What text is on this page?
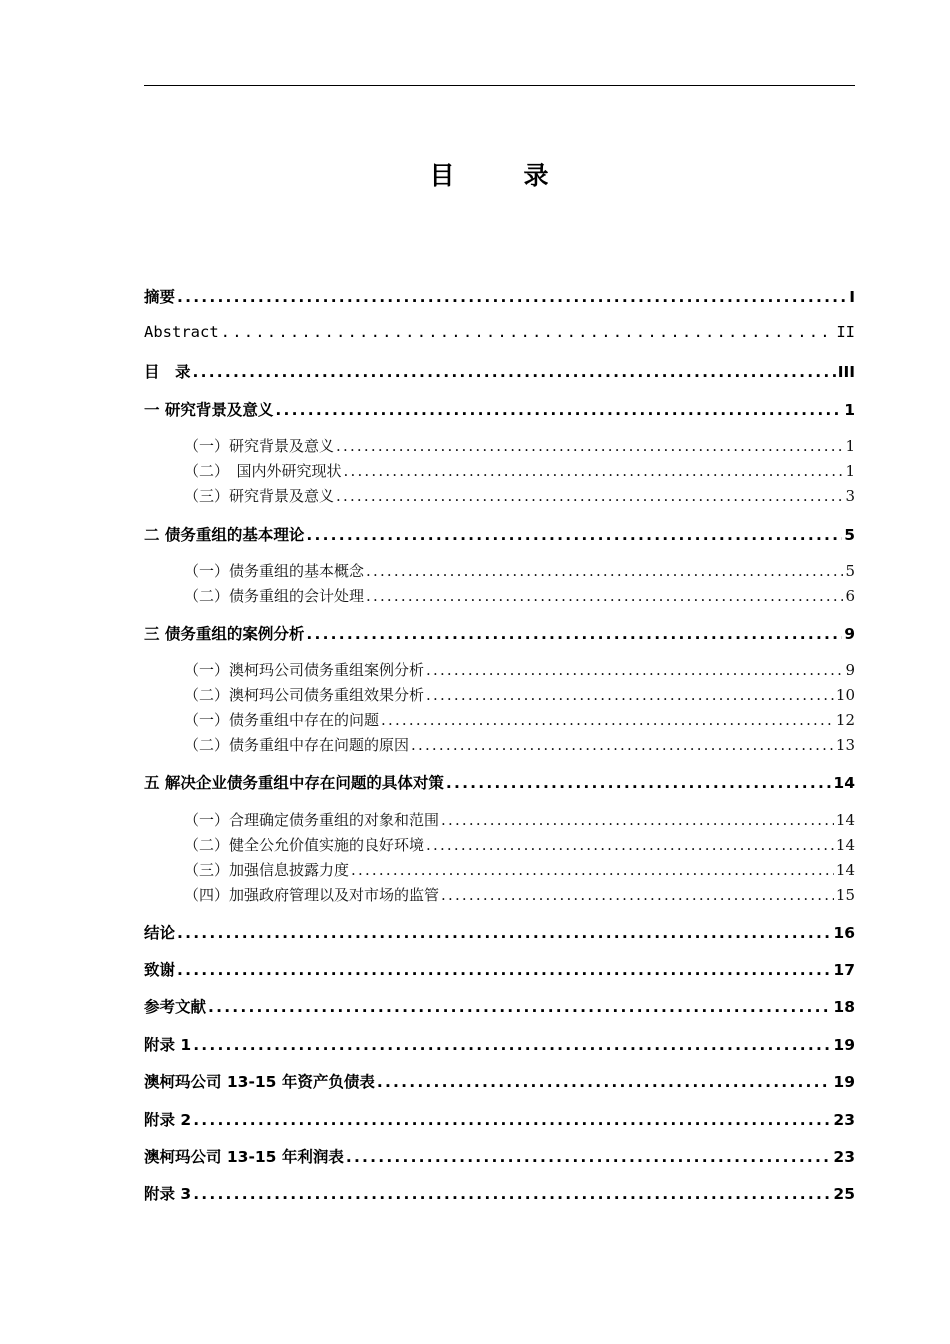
目　录
摘要 .....	I
Abstract .....	II
目　录 .....	III
一 研究背景及意义 .....	1
（一）研究背景及意义 .....	1
（二）　国内外研究现状 .....	1
（三）研究背景及意义 .....	3
二 债务重组的基本理论 .....	5
（一）债务重组的基本概念 .....	5
（二）债务重组的会计处理 .....	6
三 债务重组的案例分析 .....	9
（一）澳柯玛公司债务重组案例分析 .....	9
（二）澳柯玛公司债务重组效果分析 .....	10
（一）债务重组中存在的问题 .....	12
（二）债务重组中存在问题的原因 .....	13
五 解决企业债务重组中存在问题的具体对策 .....	14
（一）合理确定债务重组的对象和范围 .....	14
（二）健全公允价值实施的良好环境 .....	14
（三）加强信息披露力度 .....	14
（四）加强政府管理以及对市场的监管 .....	15
结论 .....	16
致谢 .....	17
参考文献 .....	18
附录 1 .....	19
澳柯玛公司 13-15 年资产负债表 .....	19
附录 2 .....	23
澳柯玛公司 13-15 年利润表 .....	23
附录 3 .....	25
